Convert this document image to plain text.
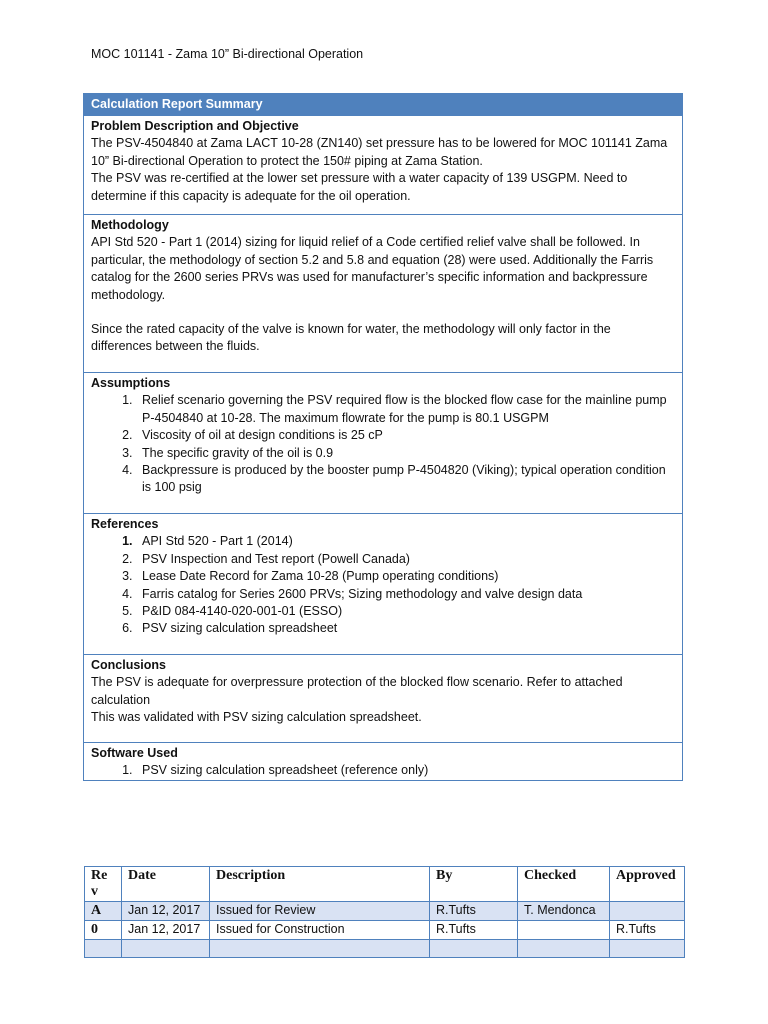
MOC 101141 - Zama 10” Bi-directional Operation
Calculation Report Summary
Problem Description and Objective

The PSV-4504840 at Zama LACT 10-28 (ZN140) set pressure has to be lowered for MOC 101141 Zama 10” Bi-directional Operation to protect the 150# piping at Zama Station.

The PSV was re-certified at the lower set pressure with a water capacity of 139 USGPM. Need to determine if this capacity is adequate for the oil operation.

Methodology

API Std 520 - Part 1 (2014) sizing for liquid relief of a Code certified relief valve shall be followed. In particular, the methodology of section 5.2 and 5.8 and equation (28) were used. Additionally the Farris catalog for the 2600 series PRVs was used for manufacturer’s specific information and backpressure methodology.

Since the rated capacity of the valve is known for water, the methodology will only factor in the differences between the fluids.

Assumptions
1. Relief scenario governing the PSV required flow is the blocked flow case for the mainline pump P-4504840 at 10-28. The maximum flowrate for the pump is 80.1 USGPM
2. Viscosity of oil at design conditions is 25 cP
3. The specific gravity of the oil is 0.9
4. Backpressure is produced by the booster pump P-4504820 (Viking); typical operation condition is 100 psig
References
1. API Std 520 - Part 1 (2014)
2. PSV Inspection and Test report (Powell Canada)
3. Lease Date Record for Zama 10-28 (Pump operating conditions)
4. Farris catalog for Series 2600 PRVs; Sizing methodology and valve design data
5. P&ID 084-4140-020-001-01 (ESSO)
6. PSV sizing calculation spreadsheet
Conclusions

The PSV is adequate for overpressure protection of the blocked flow scenario. Refer to attached calculation

This was validated with PSV sizing calculation spreadsheet.

Software Used
1. PSV sizing calculation spreadsheet (reference only)
Re v	Date	Description	By	Checked	Approved
A	Jan 12, 2017	Issued for Review	R.Tufts	T. Mendonca	
0	Jan 12, 2017	Issued for Construction	R.Tufts		R.Tufts
